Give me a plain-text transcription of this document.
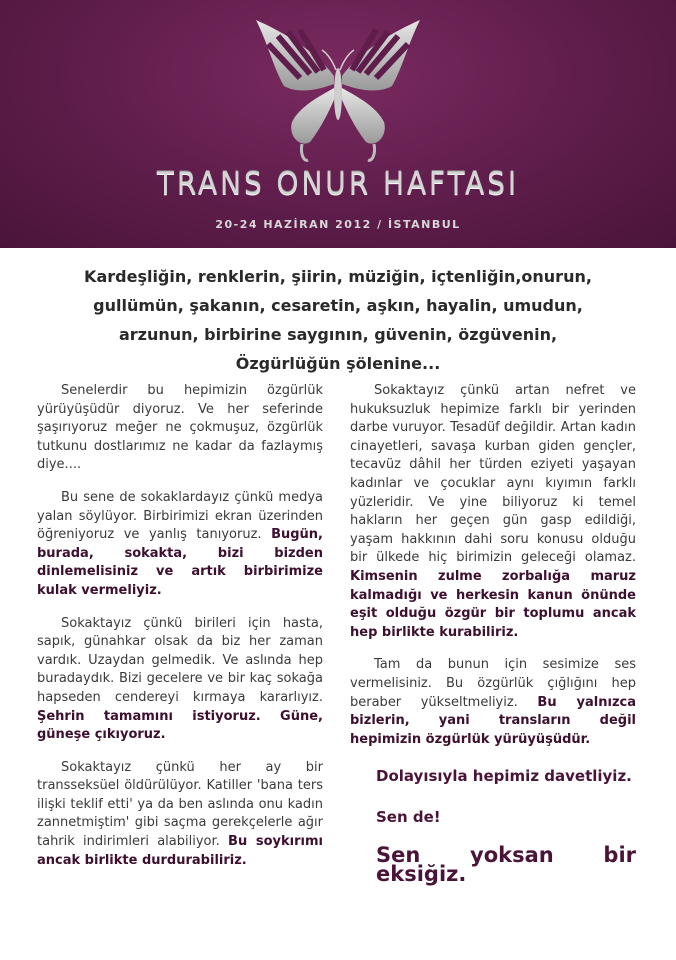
TRANS ONUR HAFTASI
20-24 HAZİRAN 2012 / İSTANBUL
Kardeşliğin, renklerin, şiirin, müziğin, içtenliğin,onurun,
gullümün, şakanın, cesaretin, aşkın, hayalin, umudun,
arzunun, birbirine saygının, güvenin, özgüvenin,
Özgürlüğün şölenine...

Senelerdir bu hepimizin özgürlük yürüyüşüdür diyoruz. Ve her seferinde şaşırıyoruz meğer ne çokmuşuz, özgürlük tutkunu dostlarımız ne kadar da fazlaymış diye....

Bu sene de sokaklardayız çünkü medya yalan söylüyor. Birbirimizi ekran üzerinden öğreniyoruz ve yanlış tanıyoruz. Bugün, burada, sokakta, bizi bizden dinlemelisiniz ve artık birbirimize kulak vermeliyiz.

Sokaktayız çünkü birileri için hasta, sapık, günahkar olsak da biz her zaman vardık. Uzaydan gelmedik. Ve aslında hep buradaydık. Bizi gecelere ve bir kaç sokağa hapseden cendereyi kırmaya kararlıyız. Şehrin tamamını istiyoruz. Güne, güneşe çıkıyoruz.

Sokaktayız çünkü her ay bir transseksüel öldürülüyor. Katiller 'bana ters ilişki teklif etti' ya da ben aslında onu kadın zannetmiştim' gibi saçma gerekçelerle ağır tahrik indirimleri alabiliyor. Bu soykırımı ancak birlikte durdurabiliriz.

Sokaktayız çünkü artan nefret ve hukuksuzluk hepimize farklı bir yerinden darbe vuruyor. Tesadüf değildir. Artan kadın cinayetleri, savaşa kurban giden gençler, tecavüz dâhil her türden eziyeti yaşayan kadınlar ve çocuklar aynı kıyımın farklı yüzleridir. Ve yine biliyoruz ki temel hakların her geçen gün gasp edildiği, yaşam hakkının dahi soru konusu olduğu bir ülkede hiç birimizin geleceği olamaz. Kimsenin zulme zorbalığa maruz kalmadığı ve herkesin kanun önünde eşit olduğu özgür bir toplumu ancak hep birlikte kurabiliriz.

Tam da bunun için sesimize ses vermelisiniz. Bu özgürlük çığlığını hep beraber yükseltmeliyiz. Bu yalnızca bizlerin, yani transların değil hepimizin özgürlük yürüyüşüdür.

Dolayısıyla hepimiz davetliyiz.

Sen de!

Sen yoksan bir eksiğiz.
